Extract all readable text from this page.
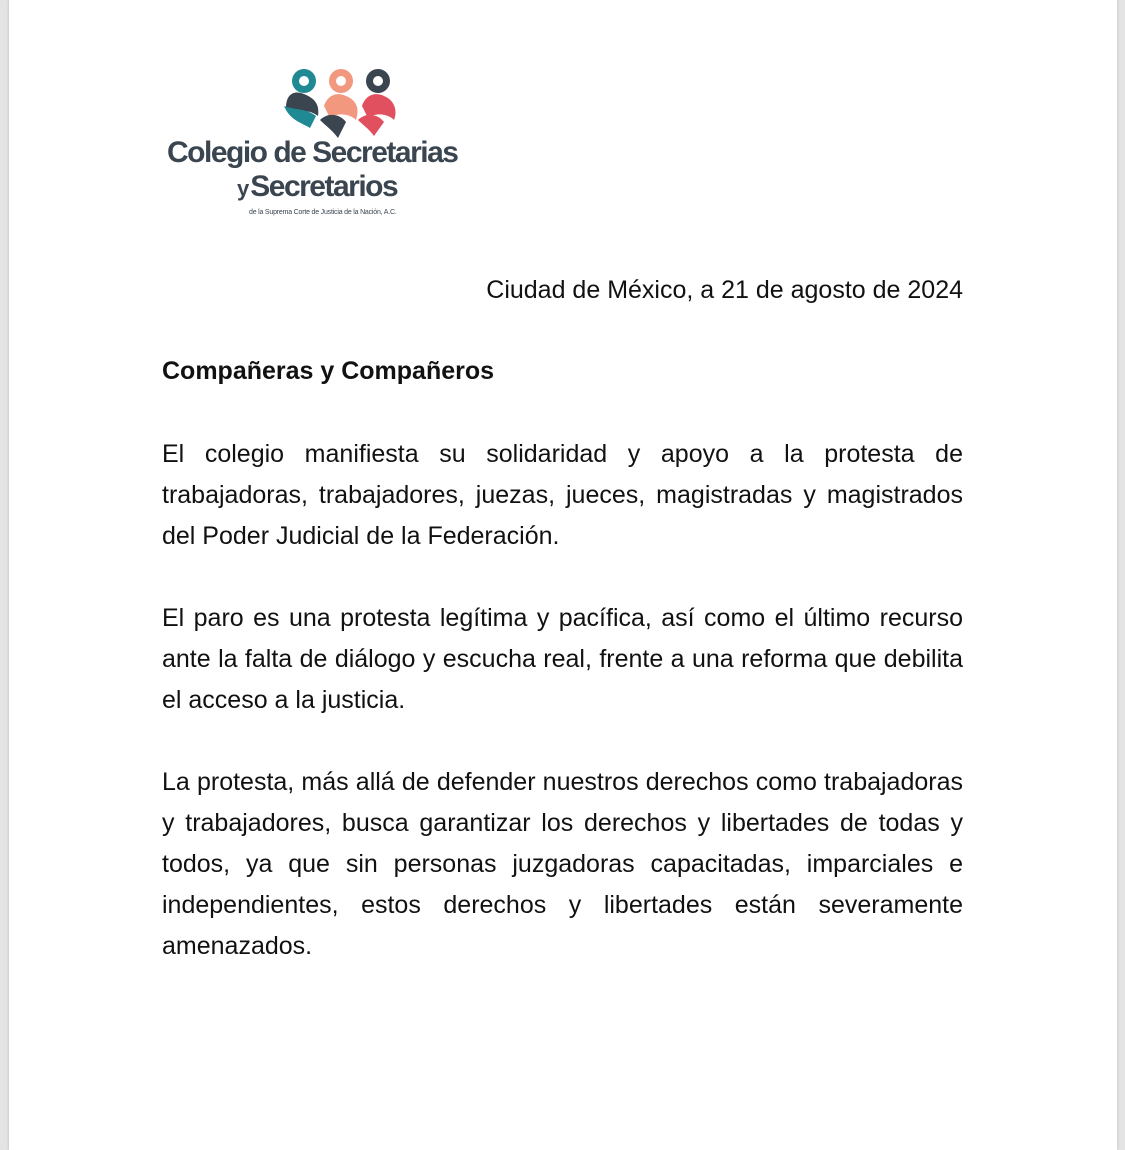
Colegio de Secretarias
ySecretarios
de la Suprema Corte de Justicia de la Nación, A.C.
Ciudad de México, a 21 de agosto de 2024
Compañeras y Compañeros

El colegio manifiesta su solidaridad y apoyo a la protesta de trabajadoras, trabajadores, juezas, jueces, magistradas y magistrados del Poder Judicial de la Federación.

El paro es una protesta legítima y pacífica, así como el último recurso ante la falta de diálogo y escucha real, frente a una reforma que debilita el acceso a la justicia.

La protesta, más allá de defender nuestros derechos como trabajadoras y trabajadores, busca garantizar los derechos y libertades de todas y todos, ya que sin personas juzgadoras capacitadas, imparciales e independientes, estos derechos y libertades están severamente amenazados.
